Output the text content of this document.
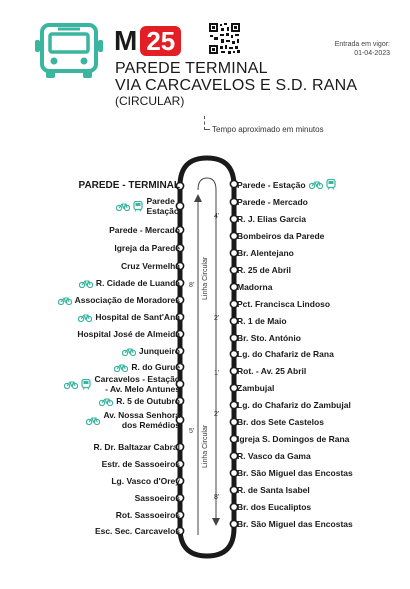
M 25	Entrada em vigor:
01-04-2023
PAREDE TERMINAL
VIA CARCAVELOS E S.D. RANA
(CIRCULAR)
Tempo aproximado em minutos
PAREDE - TERMINAL
Parede -
Estação
Parede - Mercado
Igreja da Parede
Cruz Vermelha
R. Cidade de Luanda
Associação de Moradores
Hospital de Sant'Ana
Hospital José de Almeida
Junqueiro
R. do Gurué
Carcavelos - Estação
- Av. Melo Antunes
R. 5 de Outubro
Av. Nossa Senhora
dos Remédios
R. Dr. Baltazar Cabral
Estr. de Sassoeiros
Lg. Vasco d'Orey
Sassoeiros
Rot. Sassoeiros
Esc. Sec. Carcavelos
Parede - Estação
Parede - Mercado
R. J. Elias Garcia
Bombeiros da Parede
Br. Alentejano
R. 25 de Abril
Madorna
Pct. Francisca Lindoso
R. 1 de Maio
Br. Sto. António
Lg. do Chafariz de Rana
Rot. - Av. 25 Abril
Zambujal
Lg. do Chafariz do Zambujal
Br. dos Sete Castelos
Igreja S. Domingos de Rana
R. Vasco da Gama
Br. São Miguel das Encostas
R. de Santa Isabel
Br. dos Eucaliptos
Br. São Miguel das Encostas
4'
8'
2'
1'
2'
5'
8'
Linha Circular
Linha Circular
